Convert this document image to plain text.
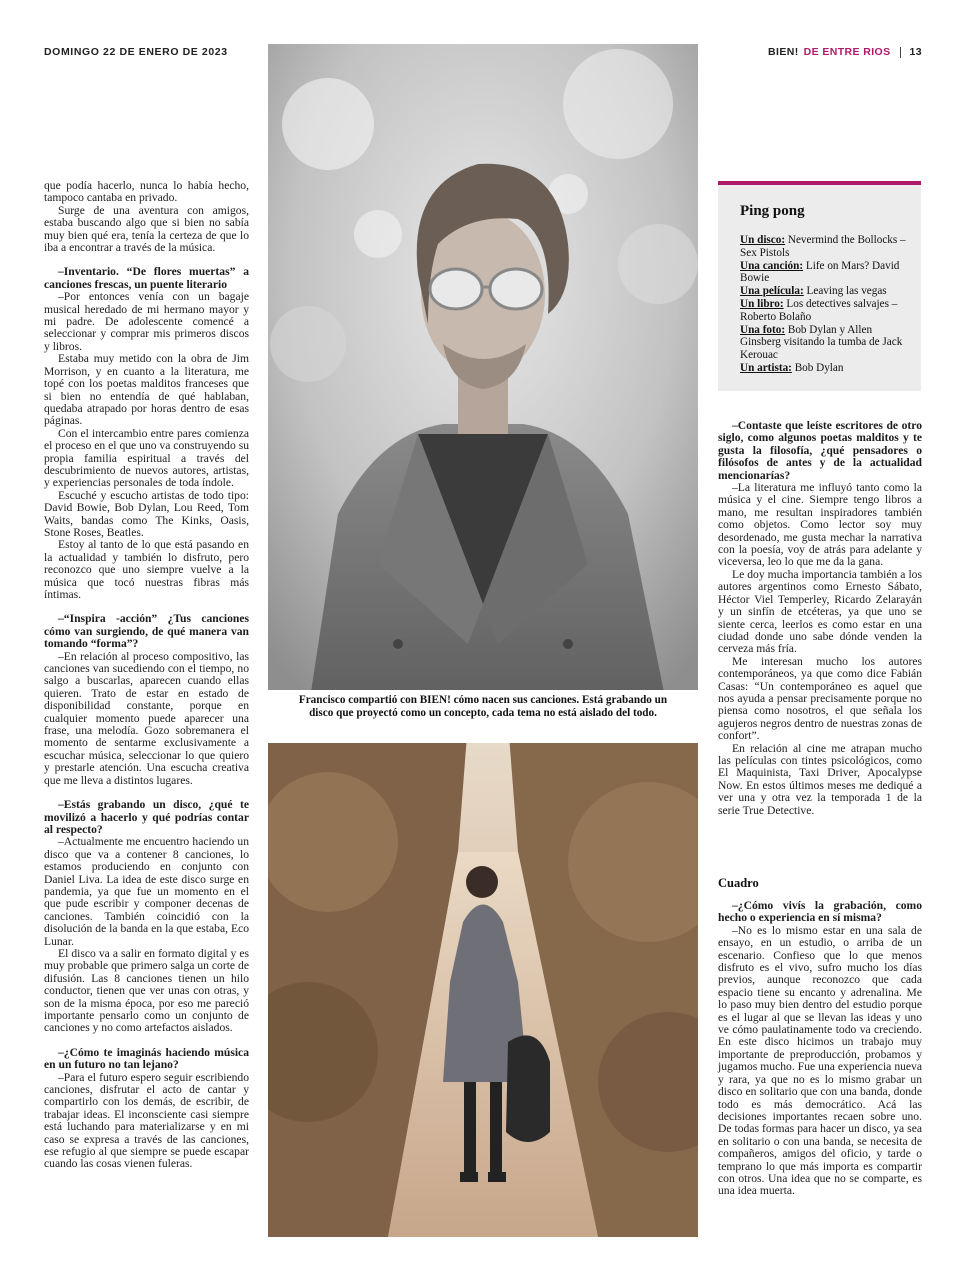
DOMINGO 22 DE ENERO DE 2023	BIEN! DE ENTRE RIOS 13

que podía hacerlo, nunca lo había hecho, tampoco cantaba en privado.

Surge de una aventura con amigos, estaba buscando algo que si bien no sabía muy bien qué era, tenía la certeza de que lo iba a encontrar a través de la música.

–Inventario. “De flores muertas” a canciones frescas, un puente literario

–Por entonces venía con un bagaje musical heredado de mi hermano mayor y mi padre. De adolescente comencé a seleccionar y comprar mis primeros discos y libros.

Estaba muy metido con la obra de Jim Morrison, y en cuanto a la literatura, me topé con los poetas malditos franceses que si bien no entendía de qué hablaban, quedaba atrapado por horas dentro de esas páginas.

Con el intercambio entre pares comienza el proceso en el que uno va construyendo su propia familia espiritual a través del descubrimiento de nuevos autores, artistas, y experiencias personales de toda índole.

Escuché y escucho artistas de todo tipo: David Bowie, Bob Dylan, Lou Reed, Tom Waits, bandas como The Kinks, Oasis, Stone Roses, Beatles.

Estoy al tanto de lo que está pasando en la actualidad y también lo disfruto, pero reconozco que uno siempre vuelve a la música que tocó nuestras fibras más íntimas.

–“Inspira -acción” ¿Tus canciones cómo van surgiendo, de qué manera van tomando “forma”?

–En relación al proceso compositivo, las canciones van sucediendo con el tiempo, no salgo a buscarlas, aparecen cuando ellas quieren. Trato de estar en estado de disponibilidad constante, porque en cualquier momento puede aparecer una frase, una melodía. Gozo sobremanera el momento de sentarme exclusivamente a escuchar música, seleccionar lo que quiero y prestarle atención. Una escucha creativa que me lleva a distintos lugares.

–Estás grabando un disco, ¿qué te movilizó a hacerlo y qué podrías contar al respecto?

–Actualmente me encuentro haciendo un disco que va a contener 8 canciones, lo estamos produciendo en conjunto con Daniel Liva. La idea de este disco surge en pandemia, ya que fue un momento en el que pude escribir y componer decenas de canciones. También coincidió con la disolución de la banda en la que estaba, Eco Lunar.

El disco va a salir en formato digital y es muy probable que primero salga un corte de difusión. Las 8 canciones tienen un hilo conductor, tienen que ver unas con otras, y son de la misma época, por eso me pareció importante pensarlo como un conjunto de canciones y no como artefactos aislados.

–¿Cómo te imaginás haciendo música en un futuro no tan lejano?

–Para el futuro espero seguir escribiendo canciones, disfrutar el acto de cantar y compartirlo con los demás, de escribir, de trabajar ideas. El inconsciente casi siempre está luchando para materializarse y en mi caso se expresa a través de las canciones, ese refugio al que siempre se puede escapar cuando las cosas vienen fuleras.

Francisco compartió con BIEN! cómo nacen sus canciones. Está grabando un disco que proyectó como un concepto, cada tema no está aislado del todo.
Ping pong
Un disco: Nevermind the Bollocks – Sex Pistols
Una canción: Life on Mars? David Bowie
Una película: Leaving las vegas
Un libro: Los detectives salvajes – Roberto Bolaño
Una foto: Bob Dylan y Allen Ginsberg visitando la tumba de Jack Kerouac
Un artista: Bob Dylan

–Contaste que leíste escritores de otro siglo, como algunos poetas malditos y te gusta la filosofía, ¿qué pensadores o filósofos de antes y de la actualidad mencionarías?

–La literatura me influyó tanto como la música y el cine. Siempre tengo libros a mano, me resultan inspiradores también como objetos. Como lector soy muy desordenado, me gusta mechar la narrativa con la poesía, voy de atrás para adelante y viceversa, leo lo que me da la gana.

Le doy mucha importancia también a los autores argentinos como Ernesto Sábato, Héctor Viel Temperley, Ricardo Zelarayán y un sinfín de etcéteras, ya que uno se siente cerca, leerlos es como estar en una ciudad donde uno sabe dónde venden la cerveza más fría.

Me interesan mucho los autores contemporáneos, ya que como dice Fabián Casas: “Un contemporáneo es aquel que nos ayuda a pensar precisamente porque no piensa como nosotros, el que señala los agujeros negros dentro de nuestras zonas de confort”.

En relación al cine me atrapan mucho las películas con tintes psicológicos, como El Maquinista, Taxi Driver, Apocalypse Now. En estos últimos meses me dediqué a ver una y otra vez la temporada 1 de la serie True Detective.

Cuadro

–¿Cómo vivís la grabación, como hecho o experiencia en sí misma?

–No es lo mismo estar en una sala de ensayo, en un estudio, o arriba de un escenario. Confieso que lo que menos disfruto es el vivo, sufro mucho los días previos, aunque reconozco que cada espacio tiene su encanto y adrenalina. Me lo paso muy bien dentro del estudio porque es el lugar al que se llevan las ideas y uno ve cómo paulatinamente todo va creciendo. En este disco hicimos un trabajo muy importante de preproducción, probamos y jugamos mucho. Fue una experiencia nueva y rara, ya que no es lo mismo grabar un disco en solitario que con una banda, donde todo es más democrático. Acá las decisiones importantes recaen sobre uno. De todas formas para hacer un disco, ya sea en solitario o con una banda, se necesita de compañeros, amigos del oficio, y tarde o temprano lo que más importa es compartir con otros. Una idea que no se comparte, es una idea muerta.
